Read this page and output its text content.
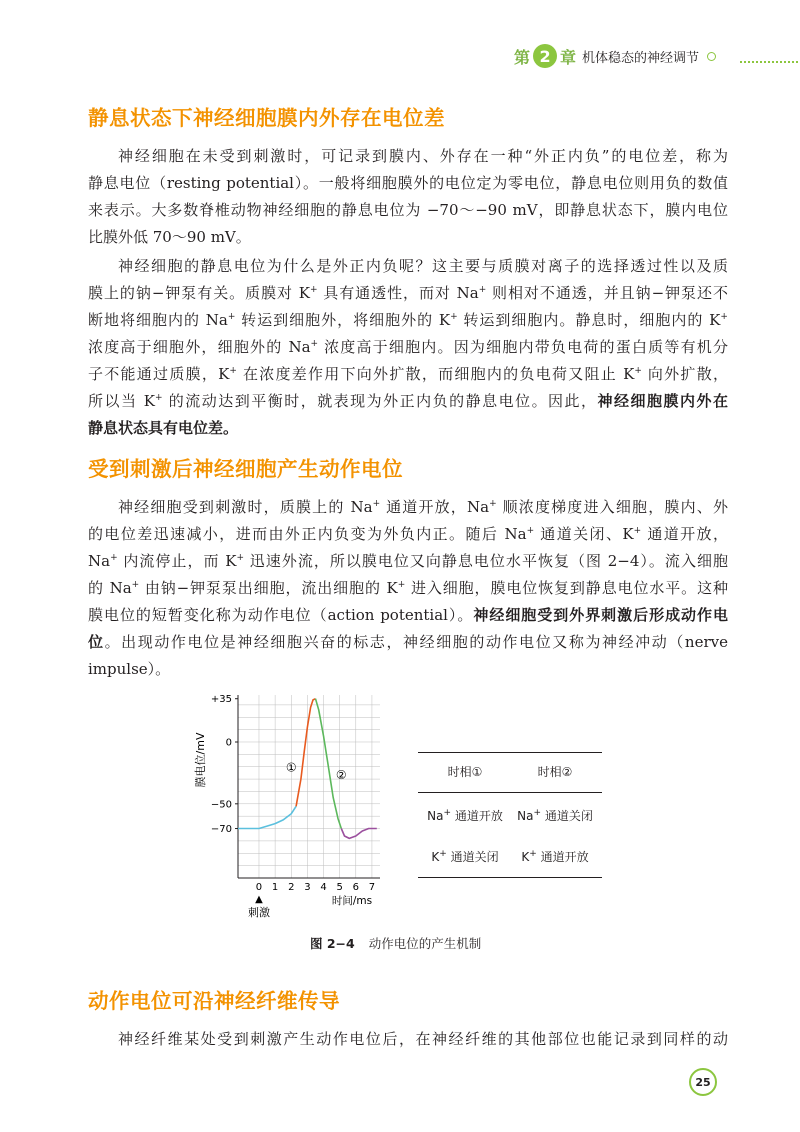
第 2 章 机体稳态的神经调节
静息状态下神经细胞膜内外存在电位差
神经细胞在未受到刺激时，可记录到膜内、外存在一种“外正内负”的电位差，称为
静息电位（resting potential）。一般将细胞膜外的电位定为零电位，静息电位则用负的数值
来表示。大多数脊椎动物神经细胞的静息电位为 −70～−90 mV，即静息状态下，膜内电位
比膜外低 70～90 mV。
神经细胞的静息电位为什么是外正内负呢？这主要与质膜对离子的选择透过性以及质
膜上的钠−钾泵有关。质膜对 K+ 具有通透性，而对 Na+ 则相对不通透，并且钠−钾泵还不
断地将细胞内的 Na+ 转运到细胞外，将细胞外的 K+ 转运到细胞内。静息时，细胞内的 K+
浓度高于细胞外，细胞外的 Na+ 浓度高于细胞内。因为细胞内带负电荷的蛋白质等有机分
子不能通过质膜，K+ 在浓度差作用下向外扩散，而细胞内的负电荷又阻止 K+ 向外扩散，
所以当 K+ 的流动达到平衡时，就表现为外正内负的静息电位。因此，神经细胞膜内外在
静息状态具有电位差。
受到刺激后神经细胞产生动作电位
神经细胞受到刺激时，质膜上的 Na+ 通道开放，Na+ 顺浓度梯度进入细胞，膜内、外
的电位差迅速减小，进而由外正内负变为外负内正。随后 Na+ 通道关闭、K+ 通道开放，
Na+ 内流停止，而 K+ 迅速外流，所以膜电位又向静息电位水平恢复（图 2−4）。流入细胞
的 Na+ 由钠−钾泵泵出细胞，流出细胞的 K+ 进入细胞，膜电位恢复到静息电位水平。这种
膜电位的短暂变化称为动作电位（action potential）。神经细胞受到外界刺激后形成动作电
位。出现动作电位是神经细胞兴奋的标志，神经细胞的动作电位又称为神经冲动（nerve
impulse）。
+35
0
−50
−70
0 1 2 3 4 5 6 7
①
②
膜电位/mV
时间/ms
▲
刺激
时相①	时相②
Na+ 通道开放	Na+ 通道关闭
K+ 通道关闭	K+ 通道开放
图 2−4 动作电位的产生机制
动作电位可沿神经纤维传导
神经纤维某处受到刺激产生动作电位后，在神经纤维的其他部位也能记录到同样的动
25
